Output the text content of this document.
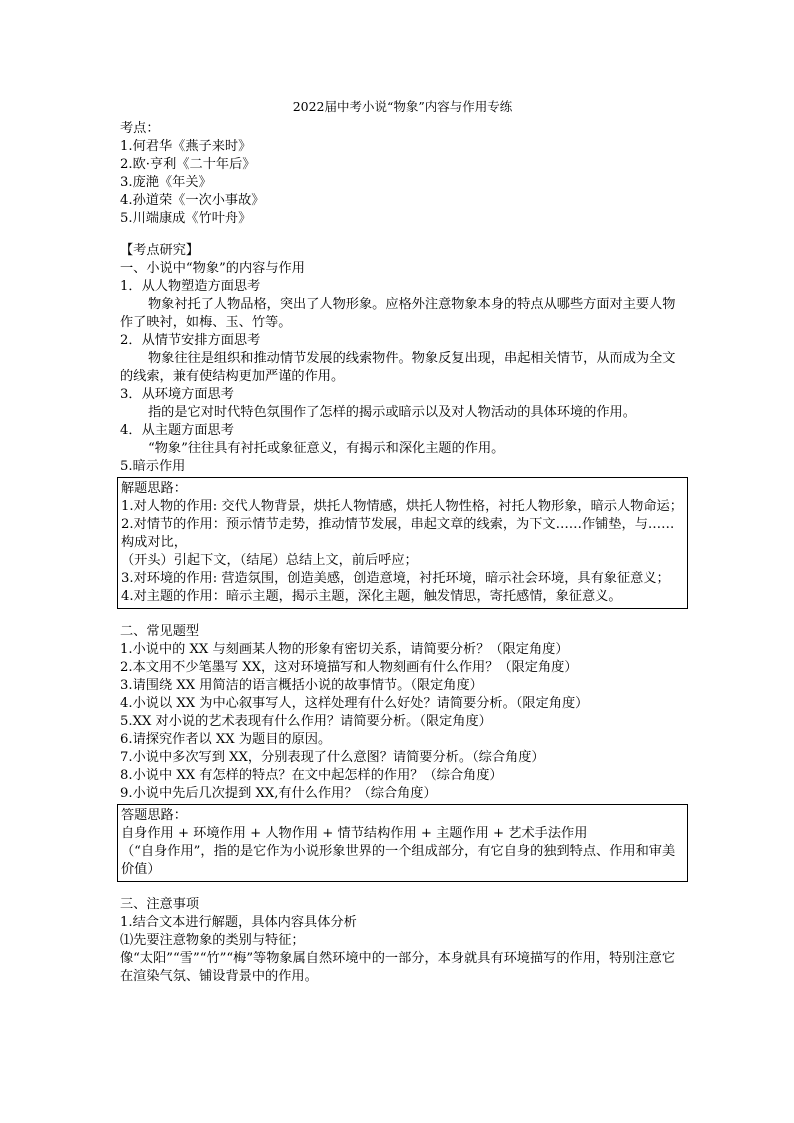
2022届中考小说“物象”内容与作用专练
考点：
1.何君华《燕子来时》
2.欧·亨利《二十年后》
3.庞滟《年关》
4.孙道荣《一次小事故》
5.川端康成《竹叶舟》
【考点研究】
一、小说中“物象”的内容与作用
1．从人物塑造方面思考
物象衬托了人物品格，突出了人物形象。应格外注意物象本身的特点从哪些方面对主要人物作了映衬，如梅、玉、竹等。
2．从情节安排方面思考
物象往往是组织和推动情节发展的线索物件。物象反复出现，串起相关情节，从而成为全文的线索，兼有使结构更加严谨的作用。
3．从环境方面思考
指的是它对时代特色氛围作了怎样的揭示或暗示以及对人物活动的具体环境的作用。
4．从主题方面思考
“物象”往往具有衬托或象征意义，有揭示和深化主题的作用。
5.暗示作用
解题思路：
1.对人物的作用: 交代人物背景，烘托人物情感，烘托人物性格，衬托人物形象，暗示人物命运；
2.对情节的作用：预示情节走势，推动情节发展，串起文章的线索，为下文……作铺垫，与……构成对比，
（开头）引起下文，（结尾）总结上文，前后呼应；
3.对环境的作用: 营造氛围，创造美感，创造意境，衬托环境，暗示社会环境，具有象征意义；
4.对主题的作用：暗示主题，揭示主题，深化主题，触发情思，寄托感情，象征意义。
二、常见题型
1.小说中的 XX 与刻画某人物的形象有密切关系，请简要分析？（限定角度）
2.本文用不少笔墨写 XX，这对环境描写和人物刻画有什么作用？（限定角度）
3.请围绕 XX 用简洁的语言概括小说的故事情节。（限定角度）
4.小说以 XX 为中心叙事写人，这样处理有什么好处？请简要分析。（限定角度）
5.XX 对小说的艺术表现有什么作用？请简要分析。（限定角度）
6.请探究作者以 XX 为题目的原因。
7.小说中多次写到 XX，分别表现了什么意图？请简要分析。（综合角度）
8.小说中 XX 有怎样的特点？在文中起怎样的作用？（综合角度）
9.小说中先后几次提到 XX,有什么作用？（综合角度）
答题思路：
自身作用 + 环境作用 + 人物作用 + 情节结构作用 + 主题作用 + 艺术手法作用
（“自身作用”，指的是它作为小说形象世界的一个组成部分，有它自身的独到特点、作用和审美价值）
三、注意事项
1.结合文本进行解题，具体内容具体分析
⑴先要注意物象的类别与特征；
像“太阳”“雪”“竹”“梅”等物象属自然环境中的一部分，本身就具有环境描写的作用，特别注意它在渲染气氛、铺设背景中的作用。
